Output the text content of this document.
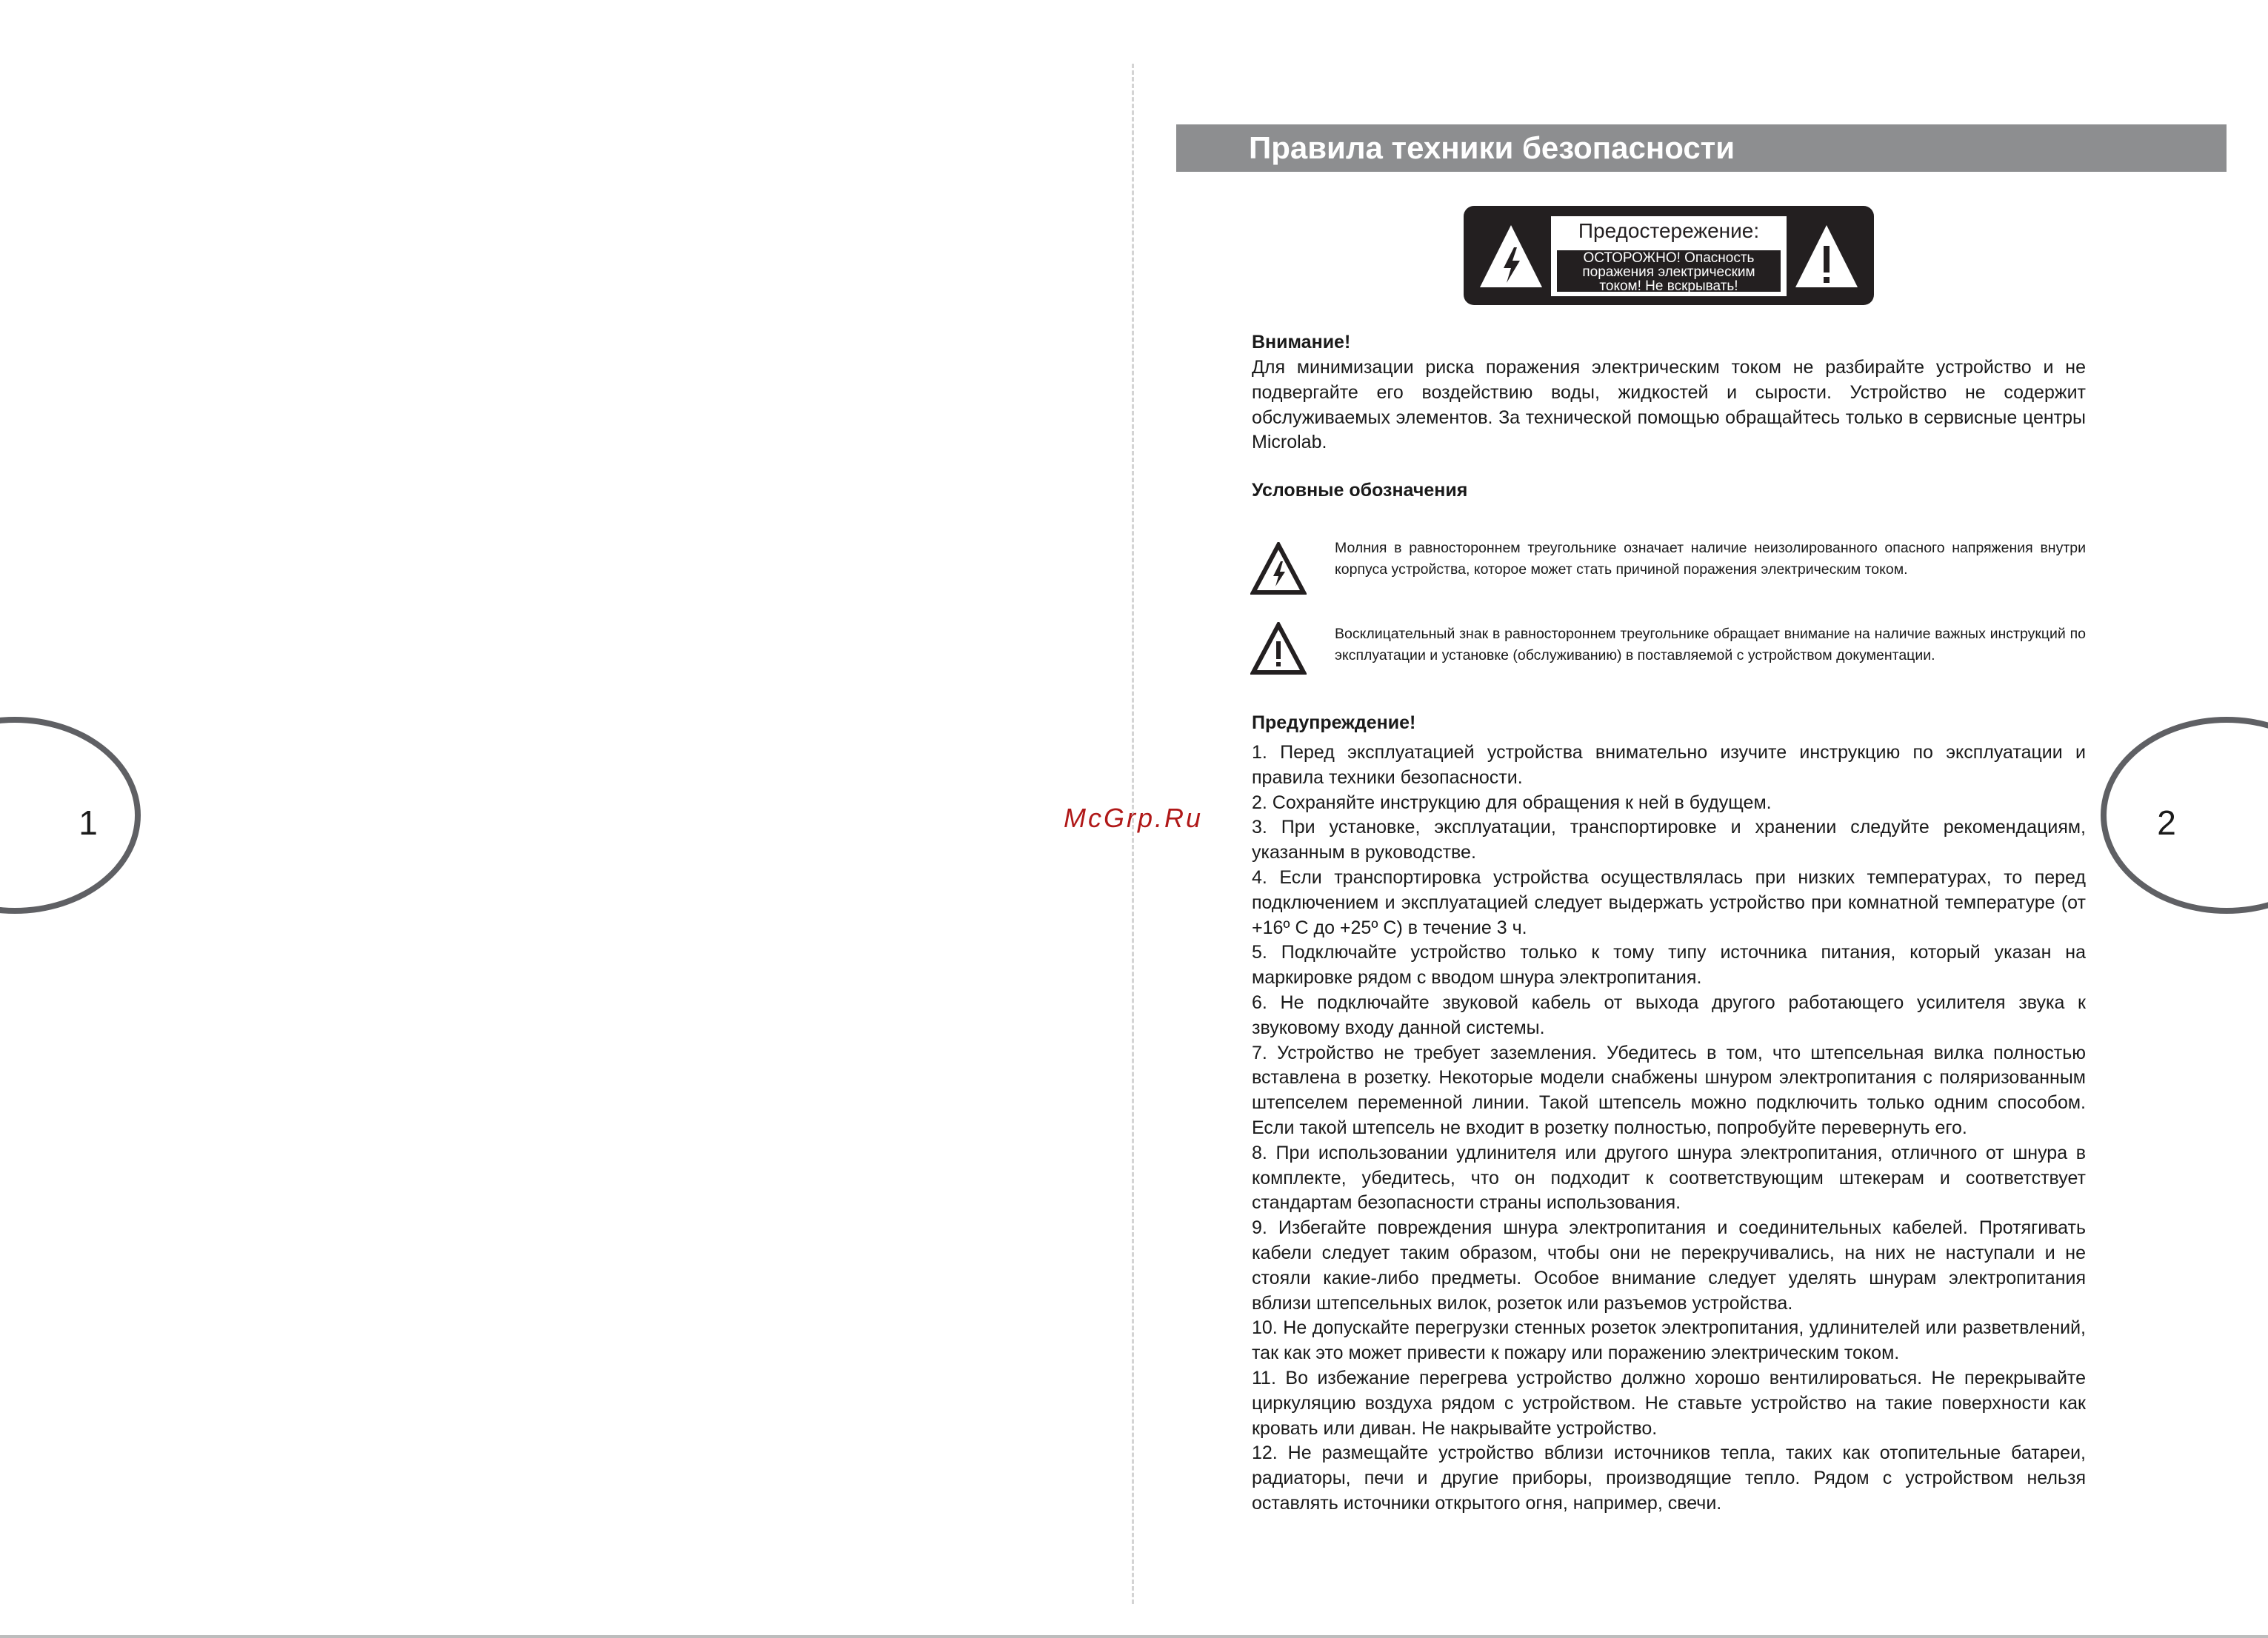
1	2
McGrp.Ru
Правила техники безопасности
Предостережение:
ОСТОРОЖНО! Опасность
поражения электрическим
током! Не вскрывать!
Внимание!
Для минимизации риска поражения электрическим током не разбирайте устройство и не подвергайте его воздействию воды, жидкостей и сырости. Устройство не содержит обслуживаемых элементов. За технической помощью обращайтесь только в сервисные центры Microlab.
Условные обозначения
Молния в равностороннем треугольнике означает наличие неизолированного опасного напряжения внутри корпуса устройства, которое может стать причиной поражения электрическим током.
Восклицательный знак в равностороннем треугольнике обращает внимание на наличие важных инструкций по эксплуатации и установке (обслуживанию) в поставляемой с устройством документации.
Предупреждение!
1. Перед эксплуатацией устройства внимательно изучите инструкцию по эксплуатации и правила техники безопасности.
2. Сохраняйте инструкцию для обращения к ней в будущем.
3. При установке, эксплуатации, транспортировке и хранении следуйте рекомендациям, указанным в руководстве.
4. Если транспортировка устройства осуществлялась при низких температурах, то перед подключением и эксплуатацией следует выдержать устройство при комнатной температуре (от +16º С до +25º С) в течение 3 ч.
5. Подключайте устройство только к тому типу источника питания, который указан на маркировке рядом с вводом шнура электропитания.
6. Не подключайте звуковой кабель от выхода другого работающего усилителя звука к звуковому входу данной системы.
7. Устройство не требует заземления. Убедитесь в том, что штепсельная вилка полностью вставлена в розетку. Некоторые модели снабжены шнуром электропитания с поляризованным штепселем переменной линии. Такой штепсель можно подключить только одним способом. Если такой штепсель не входит в розетку полностью, попробуйте перевернуть его.
8. При использовании удлинителя или другого шнура электропитания, отличного от шнура в комплекте, убедитесь, что он подходит к соответствующим штекерам и соответствует стандартам безопасности страны использования.
9. Избегайте повреждения шнура электропитания и соединительных кабелей. Протягивать кабели следует таким образом, чтобы они не перекручивались, на них не наступали и не стояли какие-либо предметы. Особое внимание следует уделять шнурам электропитания вблизи штепсельных вилок, розеток или разъемов устройства.
10. Не допускайте перегрузки стенных розеток электропитания, удлинителей или разветвлений, так как это может привести к пожару или поражению электрическим током.
11. Во избежание перегрева устройство должно хорошо вентилироваться. Не перекрывайте циркуляцию воздуха рядом с устройством. Не ставьте устройство на такие поверхности как кровать или диван. Не накрывайте устройство.
12. Не размещайте устройство вблизи источников тепла, таких как отопительные батареи, радиаторы, печи и другие приборы, производящие тепло. Рядом с устройством нельзя оставлять источники открытого огня, например, свечи.
